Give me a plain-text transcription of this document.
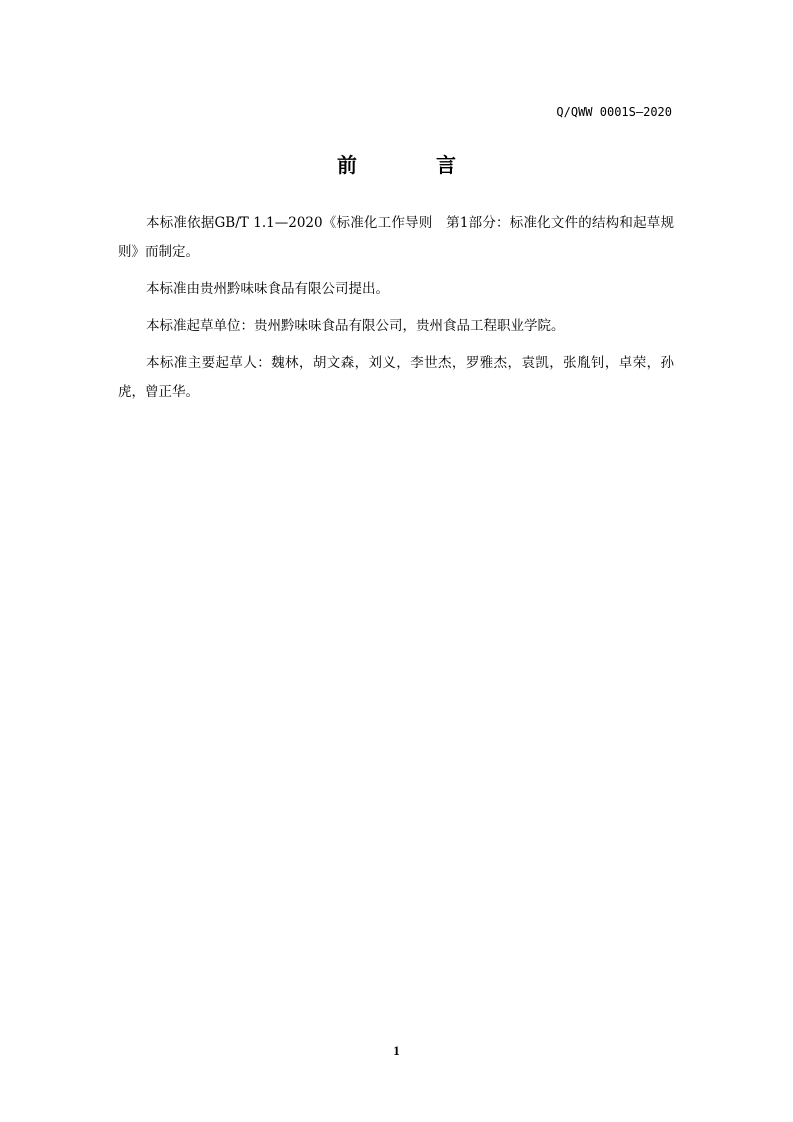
Q/QWW 0001S—2020
前 言

本标准依据GB/T 1.1—2020《标准化工作导则　第1部分：标准化文件的结构和起草规则》而制定。

本标准由贵州黔味味食品有限公司提出。

本标准起草单位：贵州黔味味食品有限公司，贵州食品工程职业学院。

本标准主要起草人：魏林，胡文森，刘义，李世杰，罗雅杰，袁凯，张胤钊，卓荣，孙虎，曾正华。

1
